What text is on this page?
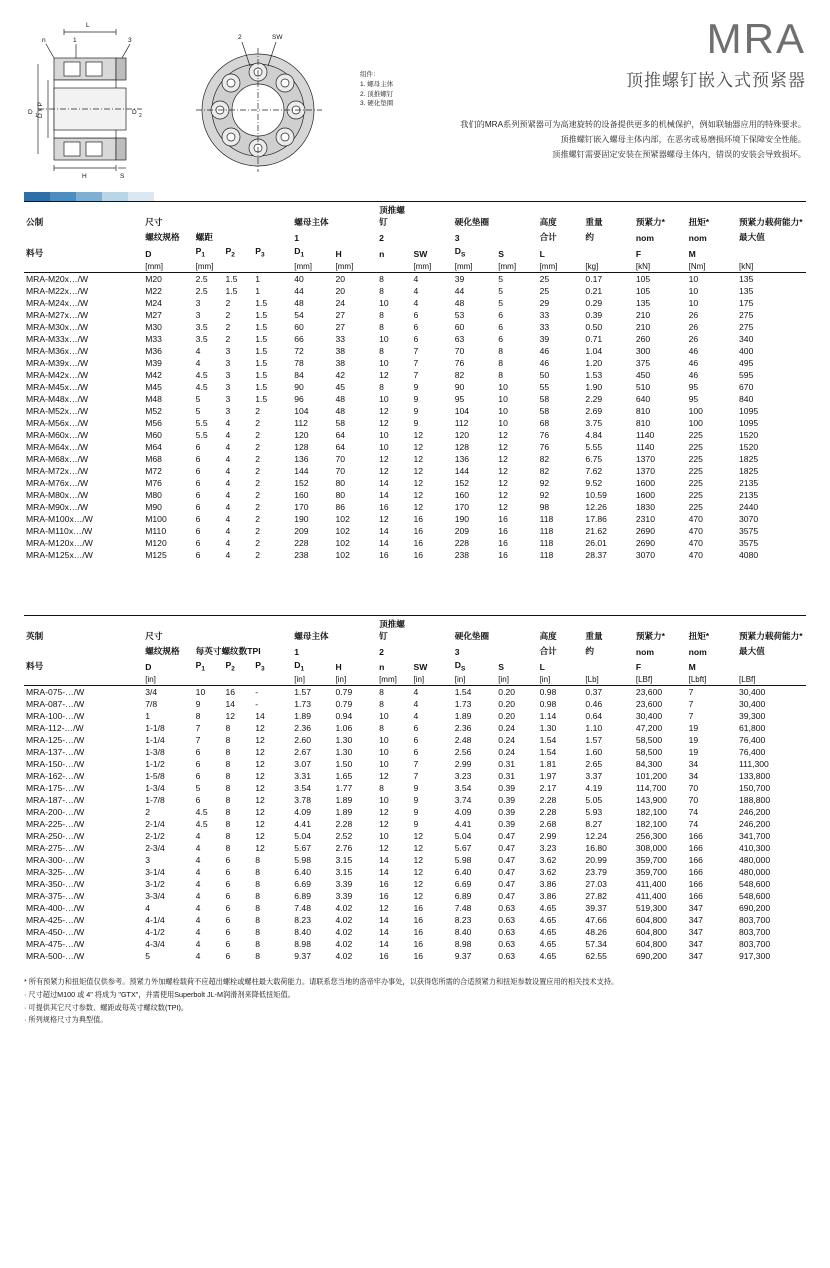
L
n	1	3
D 1 D x P	D 2
H	S
2	SW
组件：
1. 螺母主体
2. 顶推螺钉
3. 硬化垫圈
MRA
顶推螺钉嵌入式预紧器
我们的MRA系列预紧器可为高速旋转的设备提供更多的机械保护，例如联轴器应用的特殊要求。
顶推螺钉嵌入螺母主体内部，在恶劣或易磨损环境下保障安全性能。
顶推螺钉需要固定安装在预紧器螺母主体内，错误的安装会导致损坏。
公制	尺寸				螺母主体		顶推螺钉		硬化垫圈		高度	重量	预紧力*	扭矩*	预紧力载荷能力*
	螺纹规格	螺距			1		2		3		合计	约	nom	nom	最大值
料号	D	$P_1$	$P_2$	$P_3$	$D_1$	H	n	SW	$D_S$	S	L		F	M	
	[mm]	[mm]			[mm]	[mm]		[mm]	[mm]	[mm]	[mm]	[kg]	[kN]	[Nm]	[kN]
MRA-M20x…/W	M20	2.5	1.5	1	40	20	8	4	39	5	25	0.17	105	10	135
MRA-M22x…/W	M22	2.5	1.5	1	44	20	8	4	44	5	25	0.21	105	10	135
MRA-M24x…/W	M24	3	2	1.5	48	24	10	4	48	5	29	0.29	135	10	175
MRA-M27x…/W	M27	3	2	1.5	54	27	8	6	53	6	33	0.39	210	26	275
MRA-M30x…/W	M30	3.5	2	1.5	60	27	8	6	60	6	33	0.50	210	26	275
MRA-M33x…/W	M33	3.5	2	1.5	66	33	10	6	63	6	39	0.71	260	26	340
MRA-M36x…/W	M36	4	3	1.5	72	38	8	7	70	8	46	1.04	300	46	400
MRA-M39x…/W	M39	4	3	1.5	78	38	10	7	76	8	46	1.20	375	46	495
MRA-M42x…/W	M42	4.5	3	1.5	84	42	12	7	82	8	50	1.53	450	46	595
MRA-M45x…/W	M45	4.5	3	1.5	90	45	8	9	90	10	55	1.90	510	95	670
MRA-M48x…/W	M48	5	3	1.5	96	48	10	9	95	10	58	2.29	640	95	840
MRA-M52x…/W	M52	5	3	2	104	48	12	9	104	10	58	2.69	810	100	1095
MRA-M56x…/W	M56	5.5	4	2	112	58	12	9	112	10	68	3.75	810	100	1095
MRA-M60x…/W	M60	5.5	4	2	120	64	10	12	120	12	76	4.84	1140	225	1520
MRA-M64x…/W	M64	6	4	2	128	64	10	12	128	12	76	5.55	1140	225	1520
MRA-M68x…/W	M68	6	4	2	136	70	12	12	136	12	82	6.75	1370	225	1825
MRA-M72x…/W	M72	6	4	2	144	70	12	12	144	12	82	7.62	1370	225	1825
MRA-M76x…/W	M76	6	4	2	152	80	14	12	152	12	92	9.52	1600	225	2135
MRA-M80x…/W	M80	6	4	2	160	80	14	12	160	12	92	10.59	1600	225	2135
MRA-M90x…/W	M90	6	4	2	170	86	16	12	170	12	98	12.26	1830	225	2440
MRA-M100x…/W	M100	6	4	2	190	102	12	16	190	16	118	17.86	2310	470	3070
MRA-M110x…/W	M110	6	4	2	209	102	14	16	209	16	118	21.62	2690	470	3575
MRA-M120x…/W	M120	6	4	2	228	102	14	16	228	16	118	26.01	2690	470	3575
MRA-M125x…/W	M125	6	4	2	238	102	16	16	238	16	118	28.37	3070	470	4080
英制	尺寸				螺母主体		顶推螺钉		硬化垫圈		高度	重量	预紧力*	扭矩*	预紧力载荷能力*
	螺纹规格	每英寸螺纹数TPI			1		2		3		合计	约	nom	nom	最大值
料号	D	$P_1$	$P_2$	$P_3$	$D_1$	H	n	SW	$D_S$	S	L		F	M	
	[in]				[in]	[in]	[mm]	[in]	[in]	[in]	[in]	[Lb]	[LBf]	[Lbft]	[LBf]
MRA-075-…/W	3/4	10	16	-	1.57	0.79	8	4	1.54	0.20	0.98	0.37	23,600	7	30,400
MRA-087-…/W	7/8	9	14	-	1.73	0.79	8	4	1.73	0.20	0.98	0.46	23,600	7	30,400
MRA-100-…/W	1	8	12	14	1.89	0.94	10	4	1.89	0.20	1.14	0.64	30,400	7	39,300
MRA-112-…/W	1-1/8	7	8	12	2.36	1.06	8	6	2.36	0.24	1.30	1.10	47,200	19	61,800
MRA-125-…/W	1-1/4	7	8	12	2.60	1.30	10	6	2.48	0.24	1.54	1.57	58,500	19	76,400
MRA-137-…/W	1-3/8	6	8	12	2.67	1.30	10	6	2.56	0.24	1.54	1.60	58,500	19	76,400
MRA-150-…/W	1-1/2	6	8	12	3.07	1.50	10	7	2.99	0.31	1.81	2.65	84,300	34	111,300
MRA-162-…/W	1-5/8	6	8	12	3.31	1.65	12	7	3.23	0.31	1.97	3.37	101,200	34	133,800
MRA-175-…/W	1-3/4	5	8	12	3.54	1.77	8	9	3.54	0.39	2.17	4.19	114,700	70	150,700
MRA-187-…/W	1-7/8	6	8	12	3.78	1.89	10	9	3.74	0.39	2.28	5.05	143,900	70	188,800
MRA-200-…/W	2	4.5	8	12	4.09	1.89	12	9	4.09	0.39	2.28	5.93	182,100	74	246,200
MRA-225-…/W	2-1/4	4.5	8	12	4.41	2.28	12	9	4.41	0.39	2.68	8.27	182,100	74	246,200
MRA-250-…/W	2-1/2	4	8	12	5.04	2.52	10	12	5.04	0.47	2.99	12.24	256,300	166	341,700
MRA-275-…/W	2-3/4	4	8	12	5.67	2.76	12	12	5.67	0.47	3.23	16.80	308,000	166	410,300
MRA-300-…/W	3	4	6	8	5.98	3.15	14	12	5.98	0.47	3.62	20.99	359,700	166	480,000
MRA-325-…/W	3-1/4	4	6	8	6.40	3.15	14	12	6.40	0.47	3.62	23.79	359,700	166	480,000
MRA-350-…/W	3-1/2	4	6	8	6.69	3.39	16	12	6.69	0.47	3.86	27.03	411,400	166	548,600
MRA-375-…/W	3-3/4	4	6	8	6.89	3.39	16	12	6.89	0.47	3.86	27.82	411,400	166	548,600
MRA-400-…/W	4	4	6	8	7.48	4.02	12	16	7.48	0.63	4.65	39.37	519,300	347	690,200
MRA-425-…/W	4-1/4	4	6	8	8.23	4.02	14	16	8.23	0.63	4.65	47.66	604,800	347	803,700
MRA-450-…/W	4-1/2	4	6	8	8.40	4.02	14	16	8.40	0.63	4.65	48.26	604,800	347	803,700
MRA-475-…/W	4-3/4	4	6	8	8.98	4.02	14	16	8.98	0.63	4.65	57.34	604,800	347	803,700
MRA-500-…/W	5	4	6	8	9.37	4.02	16	16	9.37	0.63	4.65	62.55	690,200	347	917,300
* 所有预紧力和扭矩值仅供参考。预紧力外加螺栓载荷不应超出螺栓或螺柱最大载荷能力。请联系您当地的洛帝牢办事处，以获得您所需的合适预紧力和扭矩参数设置应用的相关技术支持。
· 尺寸超过M100 或 4" 将成为 "GTX"，并需使用Superbolt JL-M润滑剂来降低扭矩值。
· 可提供其它尺寸参数、螺距或每英寸螺纹数(TPI)。
· 所列规格尺寸为典型值。
